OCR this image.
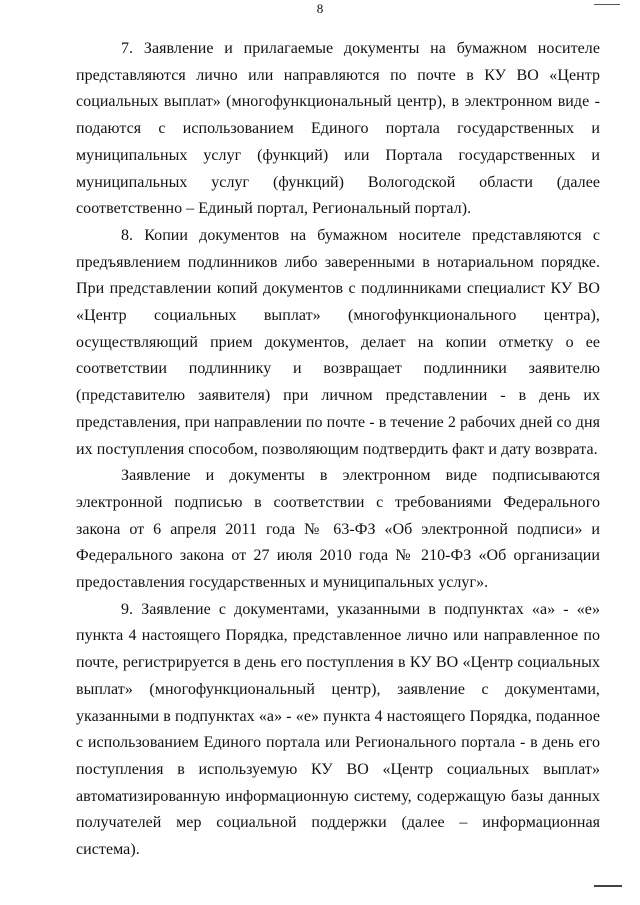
8

7. Заявление и прилагаемые документы на бумажном носителе представляются лично или направляются по почте в КУ ВО «Центр социальных выплат» (многофункциональный центр), в электронном виде - подаются с использованием Единого портала государственных и муниципальных услуг (функций) или Портала государственных и муниципальных услуг (функций) Вологодской области (далее соответственно – Единый портал, Региональный портал).

8. Копии документов на бумажном носителе представляются с предъявлением подлинников либо заверенными в нотариальном порядке. При представлении копий документов с подлинниками специалист КУ ВО «Центр социальных выплат» (многофункционального центра), осуществляющий прием документов, делает на копии отметку о ее соответствии подлиннику и возвращает подлинники заявителю (представителю заявителя) при личном представлении - в день их представления, при направлении по почте - в течение 2 рабочих дней со дня их поступления способом, позволяющим подтвердить факт и дату возврата.

Заявление и документы в электронном виде подписываются электронной подписью в соответствии с требованиями Федерального закона от 6 апреля 2011 года № 63-ФЗ «Об электронной подписи» и Федерального закона от 27 июля 2010 года № 210-ФЗ «Об организации предоставления государственных и муниципальных услуг».

9. Заявление с документами, указанными в подпунктах «а» - «е» пункта 4 настоящего Порядка, представленное лично или направленное по почте, регистрируется в день его поступления в КУ ВО «Центр социальных выплат» (многофункциональный центр), заявление с документами, указанными в подпунктах «а» - «е» пункта 4 настоящего Порядка, поданное с использованием Единого портала или Регионального портала - в день его поступления в используемую КУ ВО «Центр социальных выплат» автоматизированную информационную систему, содержащую базы данных получателей мер социальной поддержки (далее – информационная система).
